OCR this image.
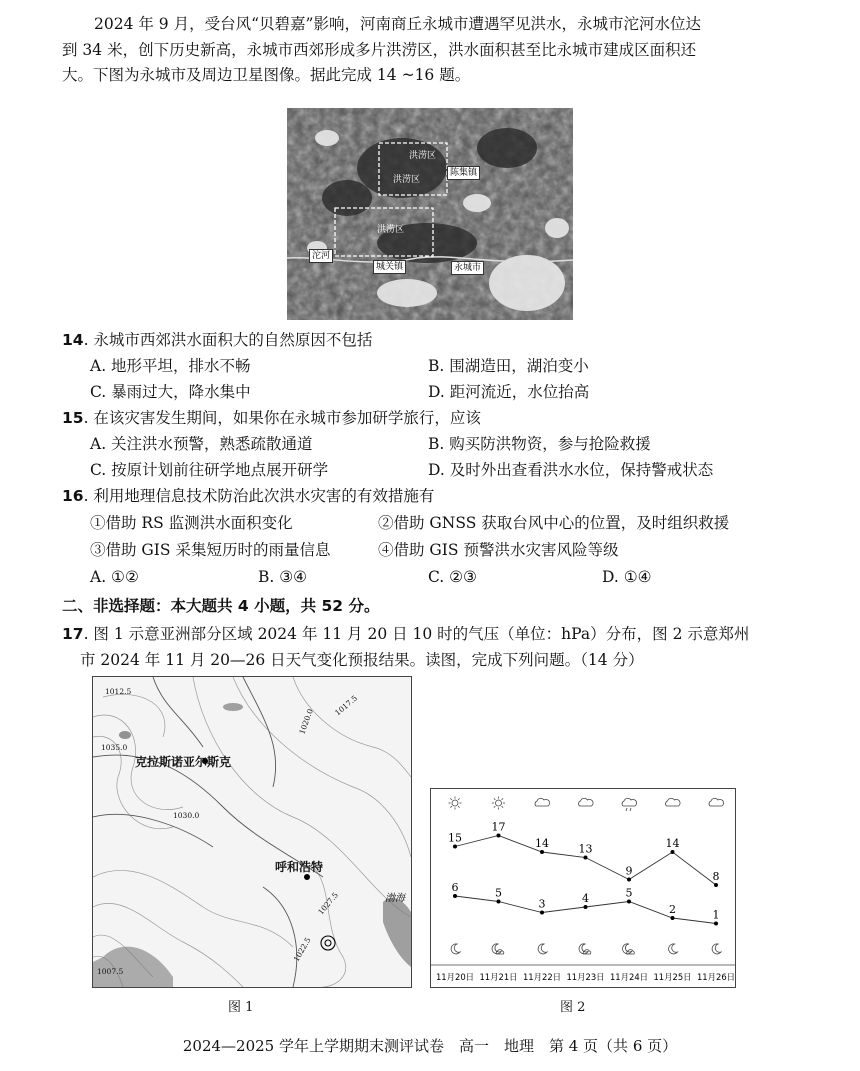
2024 年 9 月，受台风“贝碧嘉”影响，河南商丘永城市遭遇罕见洪水，永城市沱河水位达
到 34 米，创下历史新高，永城市西郊形成多片洪涝区，洪水面积甚至比永城市建成区面积还
大。下图为永城市及周边卫星图像。据此完成 14 ~16 题。
洪涝区
洪涝区
陈集镇
洪涝区
沱河
城关镇	永城市
14. 永城市西郊洪水面积大的自然原因不包括
A. 地形平坦，排水不畅	B. 围湖造田，湖泊变小
C. 暴雨过大，降水集中	D. 距河流近，水位抬高
15. 在该灾害发生期间，如果你在永城市参加研学旅行，应该
A. 关注洪水预警，熟悉疏散通道	B. 购买防洪物资，参与抢险救援
C. 按原计划前往研学地点展开研学	D. 及时外出查看洪水水位，保持警戒状态
16. 利用地理信息技术防治此次洪水灾害的有效措施有
①借助 RS 监测洪水面积变化	②借助 GNSS 获取台风中心的位置，及时组织救援
③借助 GIS 采集短历时的雨量信息	④借助 GIS 预警洪水灾害风险等级
A. ①②	B. ③④	C. ②③	D. ①④
二、非选择题：本大题共 4 小题，共 52 分。
17. 图 1 示意亚洲部分区域 2024 年 11 月 20 日 10 时的气压（单位：hPa）分布，图 2 示意郑州
市 2024 年 11 月 20—26 日天气变化预报结果。读图，完成下列问题。（14 分）
克拉斯诺亚尔斯克
呼和浩特
渤海
1012.5
1035.0
1020.0
1017.5
1030.0
1027.5
1022.5
1007.5
图 1
15
17
14	13
9
14
8
6	5
3	4	5
2	1
11月20日 11月21日 11月22日 11月23日 11月24日 11月25日 11月26日
图 2
2024—2025 学年上学期期末测评试卷　高一　地理　第 4 页（共 6 页）
